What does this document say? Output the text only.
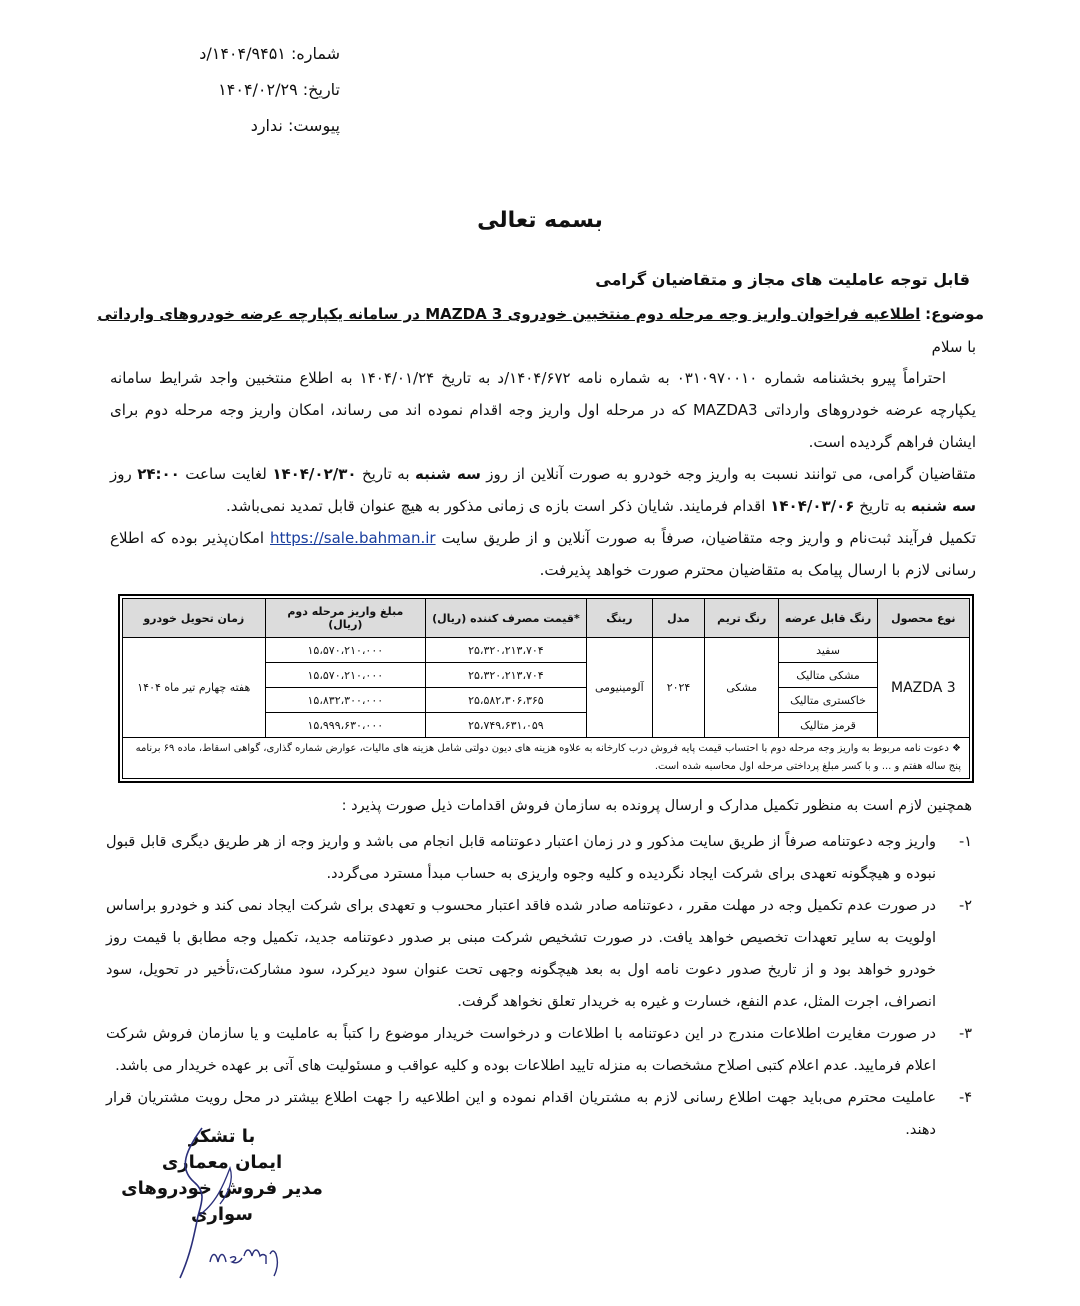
شماره: ۱۴۰۴/۹۴۵۱/د
تاریخ: ۱۴۰۴/۰۲/۲۹
پیوست: ندارد
بسمه تعالی
قابل توجه عاملیت های مجاز و متقاضیان گرامی
موضوع: اطلاعیه فراخوان واریز وجه مرحله دوم منتخبین خودروی MAZDA 3 در سامانه یکپارچه عرضه خودروهای وارداتی
با سلام

احتراماً پیرو بخشنامه شماره ۰۳۱۰۹۷۰۰۱۰ به شماره نامه ۱۴۰۴/۶۷۲/د به تاریخ ۱۴۰۴/۰۱/۲۴ به اطلاع منتخبین واجد شرایط سامانه یکپارچه عرضه خودروهای وارداتی MAZDA3 که در مرحله اول واریز وجه اقدام نموده اند می رساند، امکان واریز وجه مرحله دوم برای ایشان فراهم گردیده است.

متقاضیان گرامی، می توانند نسبت به واریز وجه خودرو به صورت آنلاین از روز سه شنبه به تاریخ ۱۴۰۴/۰۲/۳۰ لغایت ساعت ۲۴:۰۰ روز سه شنبه به تاریخ ۱۴۰۴/۰۳/۰۶ اقدام فرمایند. شایان ذکر است بازه ی زمانی مذکور به هیچ عنوان قابل تمدید نمی‌باشد.

تکمیل فرآیند ثبت‌نام و واریز وجه متقاضیان، صرفاً به صورت آنلاین و از طریق سایت https://sale.bahman.ir امکان‌پذیر بوده که اطلاع رسانی لازم با ارسال پیامک به متقاضیان محترم صورت خواهد پذیرفت.

نوع محصول	رنگ قابل عرضه	رنگ تریم	مدل	رینگ	*قیمت مصرف کننده (ریال)	مبلغ واریز مرحله دوم (ریال)	زمان تحویل خودرو
MAZDA 3	سفید	مشکی	۲۰۲۴	آلومینیومی	۲۵،۳۲۰،۲۱۳،۷۰۴	۱۵،۵۷۰،۲۱۰،۰۰۰	هفته چهارم تیر ماه ۱۴۰۴
	مشکی متالیک				۲۵،۳۲۰،۲۱۳،۷۰۴	۱۵،۵۷۰،۲۱۰،۰۰۰	
	خاکستری متالیک				۲۵،۵۸۲،۳۰۶،۳۶۵	۱۵،۸۳۲،۳۰۰،۰۰۰	
	قرمز متالیک				۲۵،۷۴۹،۶۳۱،۰۵۹	۱۵،۹۹۹،۶۳۰،۰۰۰	
❖ دعوت نامه مربوط به واریز وجه مرحله دوم با احتساب قیمت پایه فروش درب کارخانه به علاوه هزینه های دیون دولتی شامل هزینه های مالیات، عوارض شماره گذاری، گواهی اسقاط، ماده ۶۹ برنامه پنج ساله هفتم و ... و با کسر مبلغ پرداختی مرحله اول محاسبه شده است.							
همچنین لازم است به منظور تکمیل مدارک و ارسال پرونده به سازمان فروش اقدامات ذیل صورت پذیرد :

۱-
واریز وجه دعوتنامه صرفاً از طریق سایت مذکور و در زمان اعتبار دعوتنامه قابل انجام می باشد و واریز وجه از هر طریق دیگری قابل قبول نبوده و هیچگونه تعهدی برای شرکت ایجاد نگردیده و کلیه وجوه واریزی به حساب مبدأ مسترد می‌گردد.

۲-
در صورت عدم تکمیل وجه در مهلت مقرر ، دعوتنامه صادر شده فاقد اعتبار محسوب و تعهدی برای شرکت ایجاد نمی کند و خودرو براساس اولویت به سایر تعهدات تخصیص خواهد یافت. در صورت تشخیص شرکت مبنی بر صدور دعوتنامه جدید، تکمیل وجه مطابق با قیمت روز خودرو خواهد بود و از تاریخ صدور دعوت نامه اول به بعد هیچگونه وجهی تحت عنوان سود دیرکرد، سود مشارکت،تأخیر در تحویل، سود انصراف، اجرت المثل، عدم النفع، خسارت و غیره به خریدار تعلق نخواهد گرفت.

۳-
در صورت مغایرت اطلاعات مندرج در این دعوتنامه با اطلاعات و درخواست خریدار موضوع را کتباً به عاملیت و یا سازمان فروش شرکت اعلام فرمایید. عدم اعلام کتبی اصلاح مشخصات به منزله تایید اطلاعات بوده و کلیه عواقب و مسئولیت های آتی بر عهده خریدار می باشد.

۴-
عاملیت محترم می‌باید جهت اطلاع رسانی لازم به مشتریان اقدام نموده و این اطلاعیه را جهت اطلاع بیشتر در محل رویت مشتریان قرار دهند.

با تشکر
ایمان معماری
مدیر فروش خودروهای سواری
